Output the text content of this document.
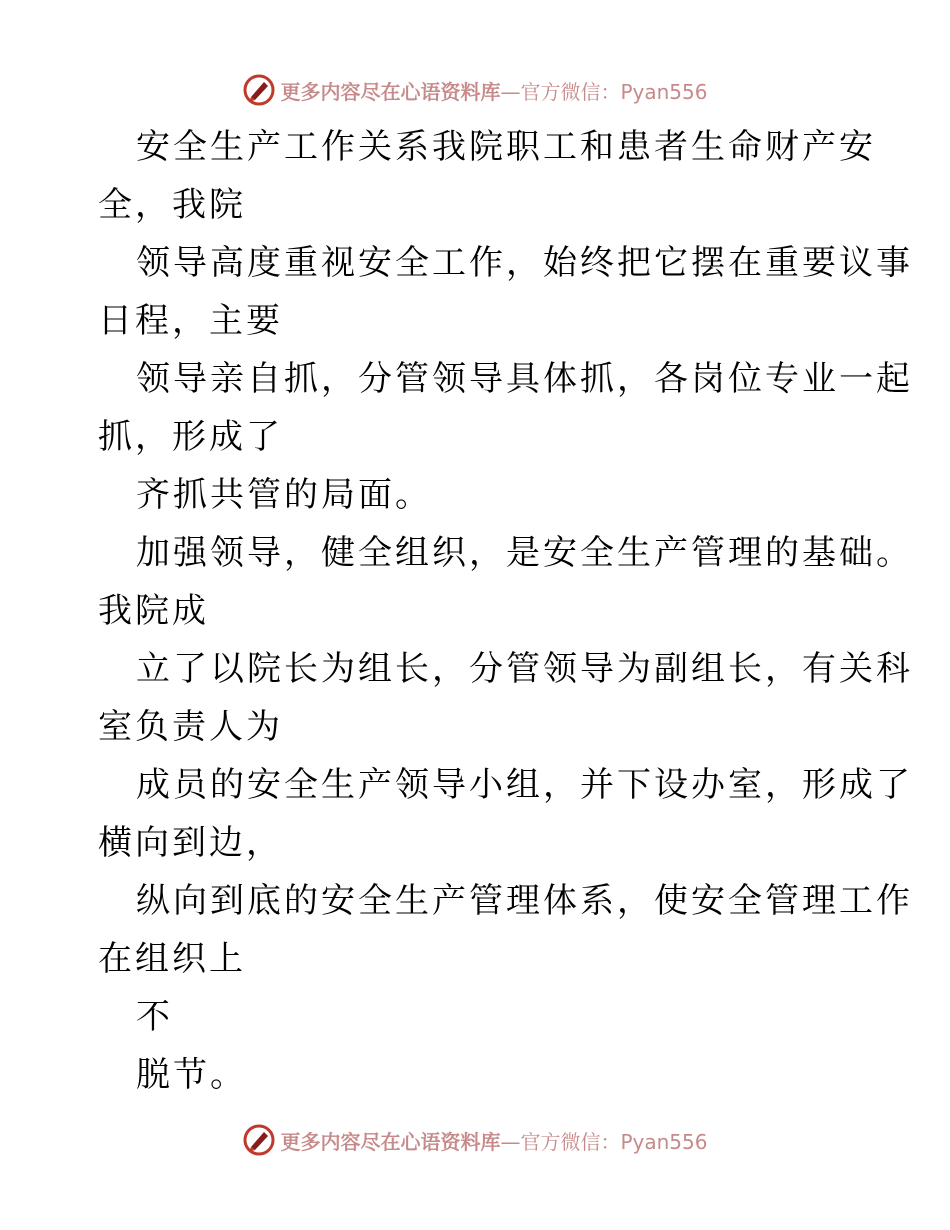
更多内容尽在心语资料库 —官方微信：Pyan556

安全生产工作关系我院职工和患者生命财产安
全，我院

领导高度重视安全工作，始终把它摆在重要议事
日程，主要

领导亲自抓，分管领导具体抓，各岗位专业一起
抓，形成了

齐抓共管的局面。

加强领导，健全组织，是安全生产管理的基础。
我院成

立了以院长为组长，分管领导为副组长，有关科
室负责人为

成员的安全生产领导小组，并下设办室，形成了
横向到边，

纵向到底的安全生产管理体系，使安全管理工作
在组织上

不

脱节。

更多内容尽在心语资料库 —官方微信：Pyan556
